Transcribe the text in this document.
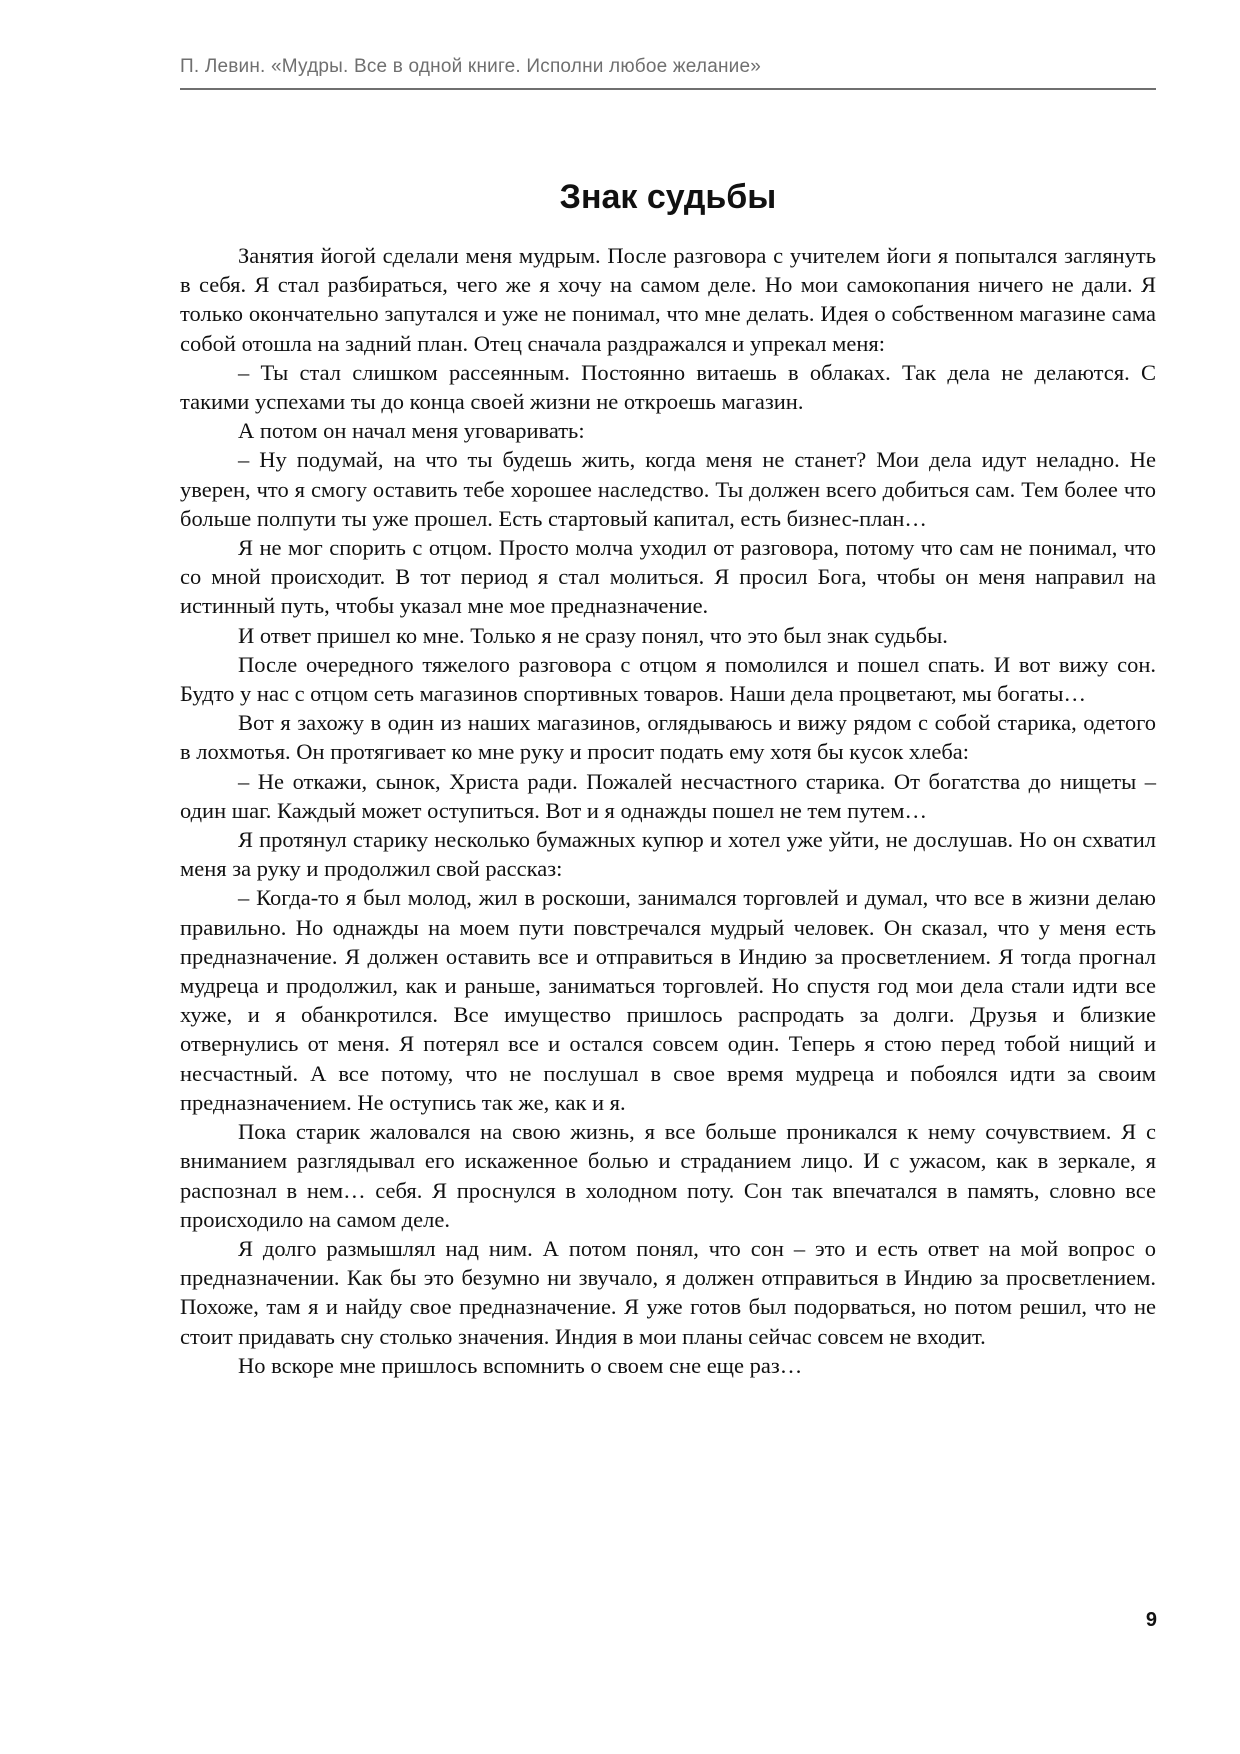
П. Левин. «Мудры. Все в одной книге. Исполни любое желание»
Знак судьбы

Занятия йогой сделали меня мудрым. После разговора с учителем йоги я попытался заглянуть в себя. Я стал разбираться, чего же я хочу на самом деле. Но мои самокопания ничего не дали. Я только окончательно запутался и уже не понимал, что мне делать. Идея о собственном магазине сама собой отошла на задний план. Отец сначала раздражался и упрекал меня:

– Ты стал слишком рассеянным. Постоянно витаешь в облаках. Так дела не делаются. С такими успехами ты до конца своей жизни не откроешь магазин.

А потом он начал меня уговаривать:

– Ну подумай, на что ты будешь жить, когда меня не станет? Мои дела идут неладно. Не уверен, что я смогу оставить тебе хорошее наследство. Ты должен всего добиться сам. Тем более что больше полпути ты уже прошел. Есть стартовый капитал, есть бизнес-план…

Я не мог спорить с отцом. Просто молча уходил от разговора, потому что сам не понимал, что со мной происходит. В тот период я стал молиться. Я просил Бога, чтобы он меня направил на истинный путь, чтобы указал мне мое предназначение.

И ответ пришел ко мне. Только я не сразу понял, что это был знак судьбы.

После очередного тяжелого разговора с отцом я помолился и пошел спать. И вот вижу сон. Будто у нас с отцом сеть магазинов спортивных товаров. Наши дела процветают, мы богаты…

Вот я захожу в один из наших магазинов, оглядываюсь и вижу рядом с собой старика, одетого в лохмотья. Он протягивает ко мне руку и просит подать ему хотя бы кусок хлеба:

– Не откажи, сынок, Христа ради. Пожалей несчастного старика. От богатства до нищеты – один шаг. Каждый может оступиться. Вот и я однажды пошел не тем путем…

Я протянул старику несколько бумажных купюр и хотел уже уйти, не дослушав. Но он схватил меня за руку и продолжил свой рассказ:

– Когда-то я был молод, жил в роскоши, занимался торговлей и думал, что все в жизни делаю правильно. Но однажды на моем пути повстречался мудрый человек. Он сказал, что у меня есть предназначение. Я должен оставить все и отправиться в Индию за просветлением. Я тогда прогнал мудреца и продолжил, как и раньше, заниматься торговлей. Но спустя год мои дела стали идти все хуже, и я обанкротился. Все имущество пришлось распродать за долги. Друзья и близкие отвернулись от меня. Я потерял все и остался совсем один. Теперь я стою перед тобой нищий и несчастный. А все потому, что не послушал в свое время мудреца и побоялся идти за своим предназначением. Не оступись так же, как и я.

Пока старик жаловался на свою жизнь, я все больше проникался к нему сочувствием. Я с вниманием разглядывал его искаженное болью и страданием лицо. И с ужасом, как в зеркале, я распознал в нем… себя. Я проснулся в холодном поту. Сон так впечатался в память, словно все происходило на самом деле.

Я долго размышлял над ним. А потом понял, что сон – это и есть ответ на мой вопрос о предназначении. Как бы это безумно ни звучало, я должен отправиться в Индию за просветлением. Похоже, там я и найду свое предназначение. Я уже готов был подорваться, но потом решил, что не стоит придавать сну столько значения. Индия в мои планы сейчас совсем не входит.

Но вскоре мне пришлось вспомнить о своем сне еще раз…

9
